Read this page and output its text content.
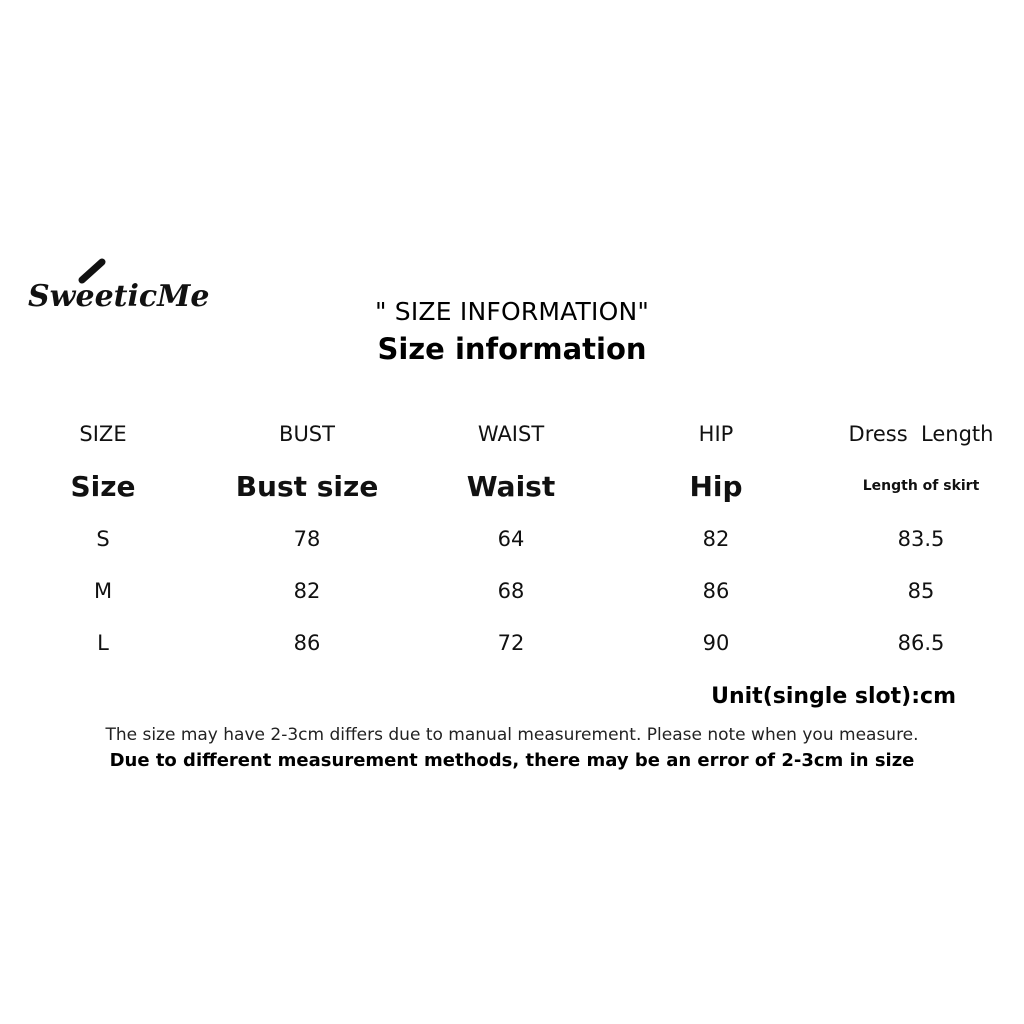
SweeticMe	" SIZE INFORMATION"
Size information
SIZE	BUST	WAIST	HIP	Dress  Length
Size	Bust size	Waist	Hip	Length of skirt
S	78	64	82	83.5
M	82	68	86	85
L	86	72	90	86.5
Unit(single slot):cm
The size may have 2-3cm differs due to manual measurement. Please note when you measure.
Due to different measurement methods, there may be an error of 2-3cm in size
